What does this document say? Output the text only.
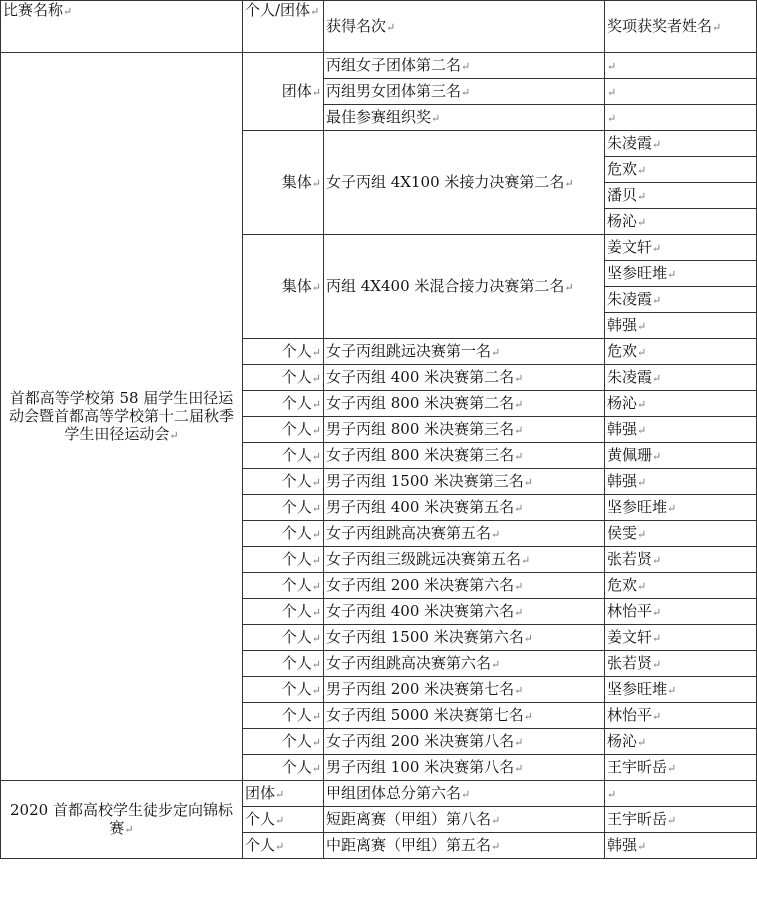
比赛名称↵	个人/团体↵	获得名次↵	奖项获奖者姓名↵
首都高等学校第 58 届学生田径运动会暨首都高等学校第十二届秋季学生田径运动会↵	团体↵	丙组女子团体第二名↵	↵
		丙组男女团体第三名↵	↵
		最佳参赛组织奖↵	↵
	集体↵	女子丙组 4X100 米接力决赛第二名↵	朱凌霞↵
			危欢↵
			潘贝↵
			杨沁↵
	集体↵	丙组 4X400 米混合接力决赛第二名↵	姜文轩↵
			坚参旺堆↵
			朱凌霞↵
			韩强↵
	个人↵	女子丙组跳远决赛第一名↵	危欢↵
	个人↵	女子丙组 400 米决赛第二名↵	朱凌霞↵
	个人↵	女子丙组 800 米决赛第二名↵	杨沁↵
	个人↵	男子丙组 800 米决赛第三名↵	韩强↵
	个人↵	女子丙组 800 米决赛第三名↵	黄佩珊↵
	个人↵	男子丙组 1500 米决赛第三名↵	韩强↵
	个人↵	男子丙组 400 米决赛第五名↵	坚参旺堆↵
	个人↵	女子丙组跳高决赛第五名↵	侯雯↵
	个人↵	女子丙组三级跳远决赛第五名↵	张若贤↵
	个人↵	女子丙组 200 米决赛第六名↵	危欢↵
	个人↵	女子丙组 400 米决赛第六名↵	林怡平↵
	个人↵	女子丙组 1500 米决赛第六名↵	姜文轩↵
	个人↵	女子丙组跳高决赛第六名↵	张若贤↵
	个人↵	男子丙组 200 米决赛第七名↵	坚参旺堆↵
	个人↵	女子丙组 5000 米决赛第七名↵	林怡平↵
	个人↵	女子丙组 200 米决赛第八名↵	杨沁↵
	个人↵	男子丙组 100 米决赛第八名↵	王宇昕岳↵
2020 首都高校学生徒步定向锦标赛↵	团体↵	甲组团体总分第六名↵	↵
	个人↵	短距离赛（甲组）第八名↵	王宇昕岳↵
	个人↵	中距离赛（甲组）第五名↵	韩强↵
